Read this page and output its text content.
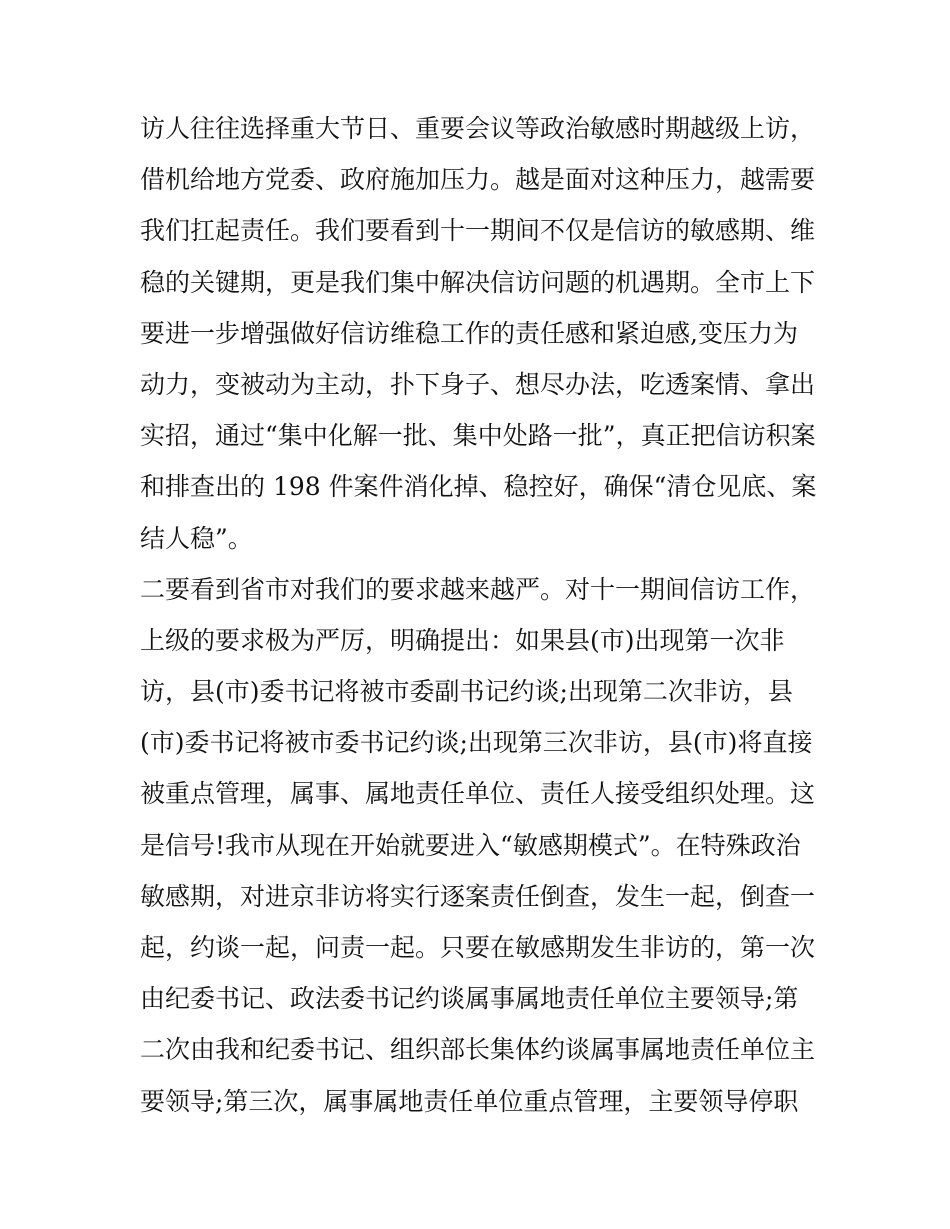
访人往往选择重大节日、重要会议等政治敏感时期越级上访，
借机给地方党委、政府施加压力。越是面对这种压力，越需要
我们扛起责任。我们要看到十一期间不仅是信访的敏感期、维
稳的关键期，更是我们集中解决信访问题的机遇期。全市上下
要进一步增强做好信访维稳工作的责任感和紧迫感,变压力为
动力，变被动为主动，扑下身子、想尽办法，吃透案情、拿出
实招，通过“集中化解一批、集中处路一批”，真正把信访积案
和排查出的 198 件案件消化掉、稳控好，确保“清仓见底、案
结人稳”。
二要看到省市对我们的要求越来越严。对十一期间信访工作，
上级的要求极为严厉，明确提出：如果县(市)出现第一次非
访，县(市)委书记将被市委副书记约谈;出现第二次非访，县
(市)委书记将被市委书记约谈;出现第三次非访，县(市)将直接
被重点管理，属事、属地责任单位、责任人接受组织处理。这
是信号!我市从现在开始就要进入“敏感期模式”。在特殊政治
敏感期，对进京非访将实行逐案责任倒查，发生一起，倒查一
起，约谈一起，问责一起。只要在敏感期发生非访的，第一次
由纪委书记、政法委书记约谈属事属地责任单位主要领导;第
二次由我和纪委书记、组织部长集体约谈属事属地责任单位主
要领导;第三次，属事属地责任单位重点管理，主要领导停职
